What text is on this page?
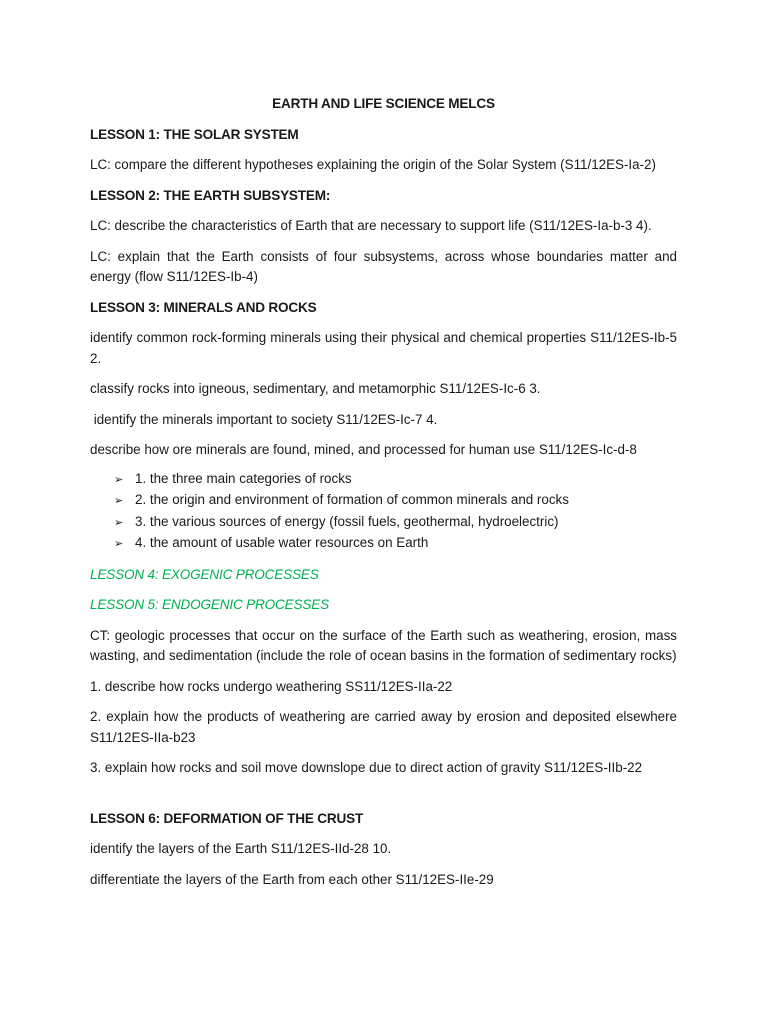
EARTH AND LIFE SCIENCE MELCS
LESSON 1: THE SOLAR SYSTEM
LC: compare the different hypotheses explaining the origin of the Solar System (S11/12ES-Ia-2)
LESSON 2: THE EARTH SUBSYSTEM:
LC: describe the characteristics of Earth that are necessary to support life (S11/12ES-Ia-b-3 4).
LC: explain that the Earth consists of four subsystems, across whose boundaries matter and energy (flow S11/12ES-Ib-4)
LESSON 3: MINERALS AND ROCKS
identify common rock-forming minerals using their physical and chemical properties S11/12ES-Ib-5 2.
classify rocks into igneous, sedimentary, and metamorphic S11/12ES-Ic-6 3.
identify the minerals important to society S11/12ES-Ic-7 4.
describe how ore minerals are found, mined, and processed for human use S11/12ES-Ic-d-8
➢ 1. the three main categories of rocks
➢ 2. the origin and environment of formation of common minerals and rocks
➢ 3. the various sources of energy (fossil fuels, geothermal, hydroelectric)
➢ 4. the amount of usable water resources on Earth
LESSON 4: EXOGENIC PROCESSES
LESSON 5: ENDOGENIC PROCESSES
CT: geologic processes that occur on the surface of the Earth such as weathering, erosion, mass wasting, and sedimentation (include the role of ocean basins in the formation of sedimentary rocks)
1. describe how rocks undergo weathering SS11/12ES-IIa-22
2. explain how the products of weathering are carried away by erosion and deposited elsewhere S11/12ES-IIa-b23
3. explain how rocks and soil move downslope due to direct action of gravity S11/12ES-IIb-22
LESSON 6: DEFORMATION OF THE CRUST
identify the layers of the Earth S11/12ES-IId-28 10.
differentiate the layers of the Earth from each other S11/12ES-IIe-29
